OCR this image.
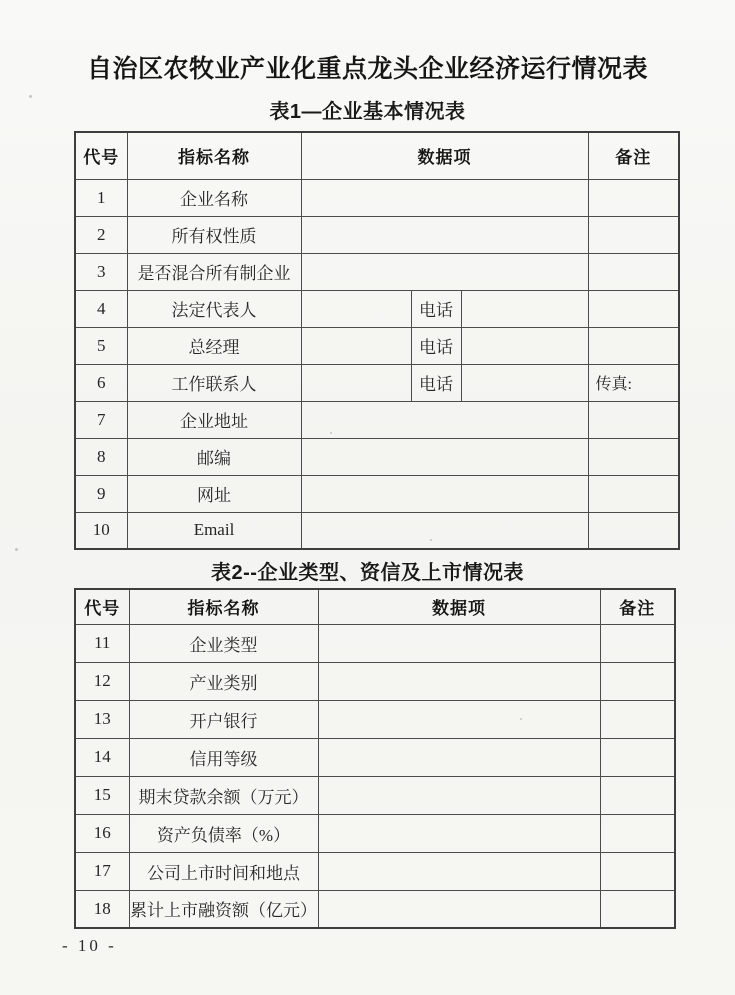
自治区农牧业产业化重点龙头企业经济运行情况表
表1—企业基本情况表
代号	指标名称	数据项			备注
1	企业名称				
2	所有权性质				
3	是否混合所有制企业				
4	法定代表人		电话		
5	总经理		电话		
6	工作联系人		电话		传真:
7	企业地址				
8	邮编				
9	网址				
10	Email				
表2--企业类型、资信及上市情况表
代号	指标名称	数据项	备注
11	企业类型		
12	产业类别		
13	开户银行		
14	信用等级		
15	期末贷款余额（万元）		
16	资产负债率（%）		
17	公司上市时间和地点		
18	累计上市融资额（亿元）		
- 10 -
